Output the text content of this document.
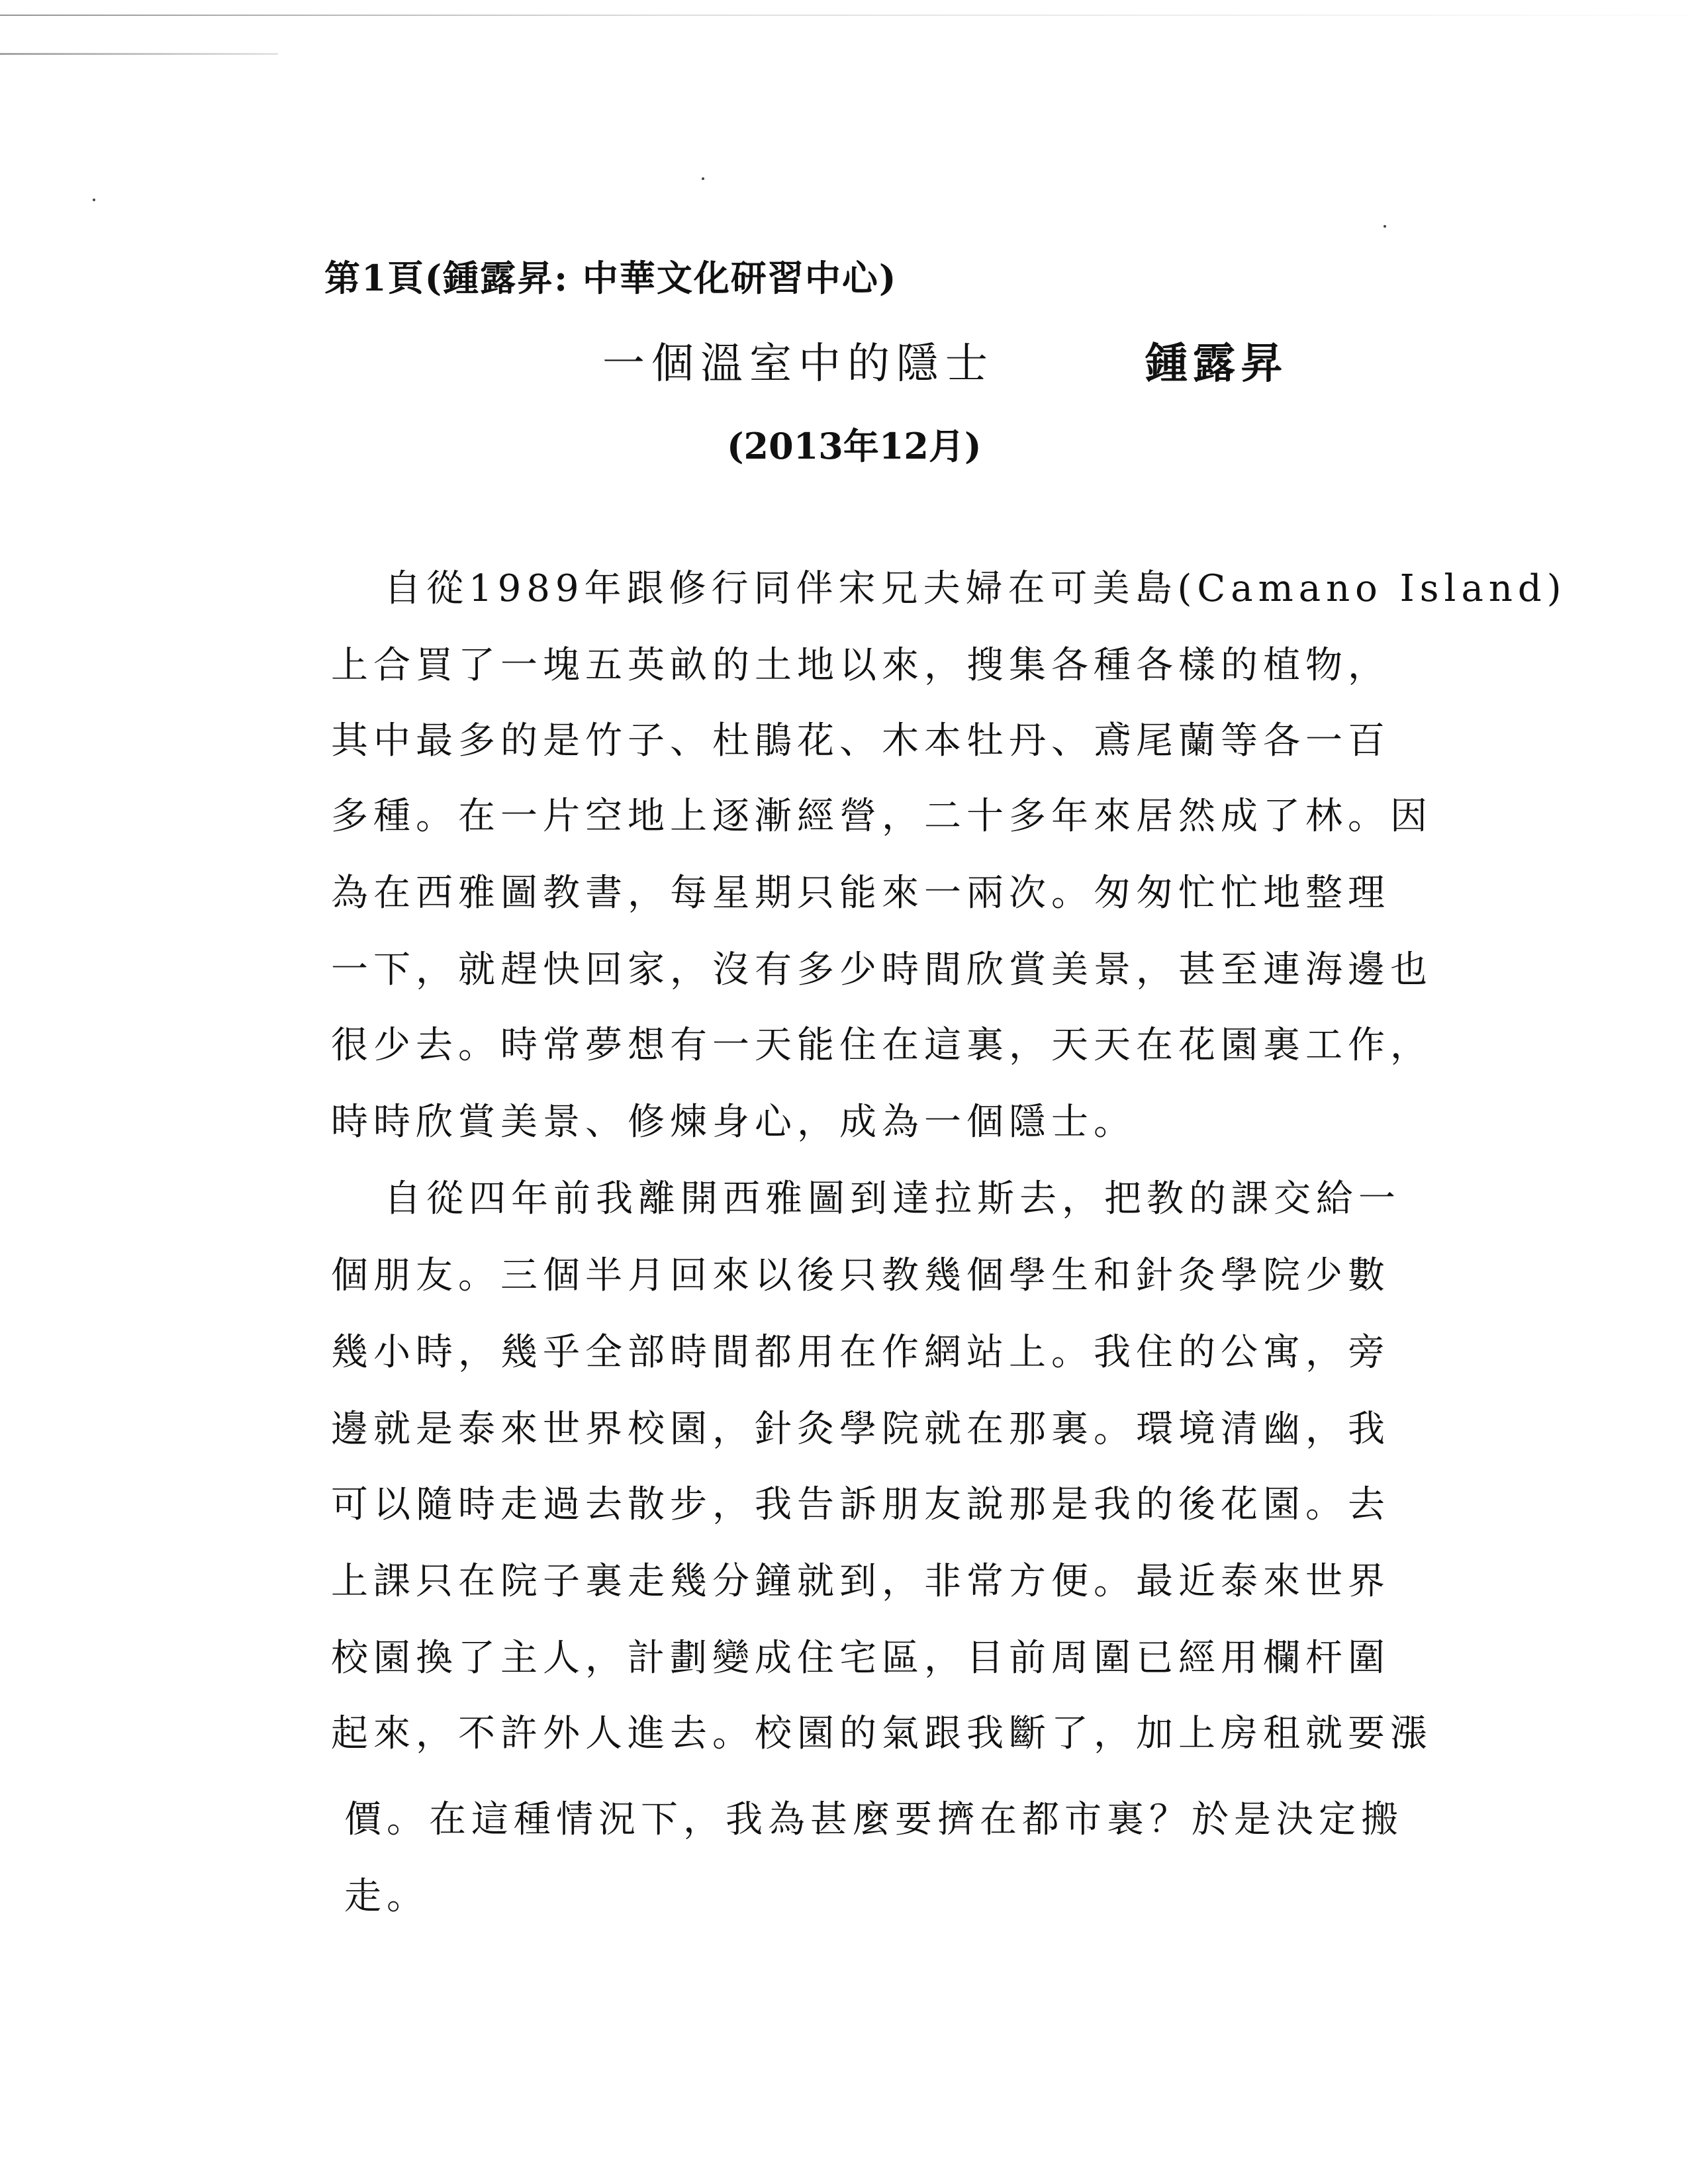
第1頁(鍾露昇: 中華文化研習中心)
一個溫室中的隱士	鍾露昇
(2013年12月)
自從1989年跟修行同伴宋兄夫婦在可美島(Camano Island)
上合買了一塊五英畝的土地以來，搜集各種各樣的植物，
其中最多的是竹子、杜鵑花、木本牡丹、鳶尾蘭等各一百
多種。在一片空地上逐漸經營，二十多年來居然成了林。因
為在西雅圖教書，每星期只能來一兩次。匆匆忙忙地整理
一下，就趕快回家，沒有多少時間欣賞美景，甚至連海邊也
很少去。時常夢想有一天能住在這裏，天天在花園裏工作，
時時欣賞美景、修煉身心，成為一個隱士。
自從四年前我離開西雅圖到達拉斯去，把教的課交給一
個朋友。三個半月回來以後只教幾個學生和針灸學院少數
幾小時，幾乎全部時間都用在作網站上。我住的公寓，旁
邊就是泰來世界校園，針灸學院就在那裏。環境清幽，我
可以隨時走過去散步，我告訴朋友說那是我的後花園。去
上課只在院子裏走幾分鐘就到，非常方便。最近泰來世界
校園換了主人，計劃變成住宅區，目前周圍已經用欄杆圍
起來，不許外人進去。校園的氣跟我斷了，加上房租就要漲
價。在這種情況下，我為甚麼要擠在都市裏？於是決定搬
走。
